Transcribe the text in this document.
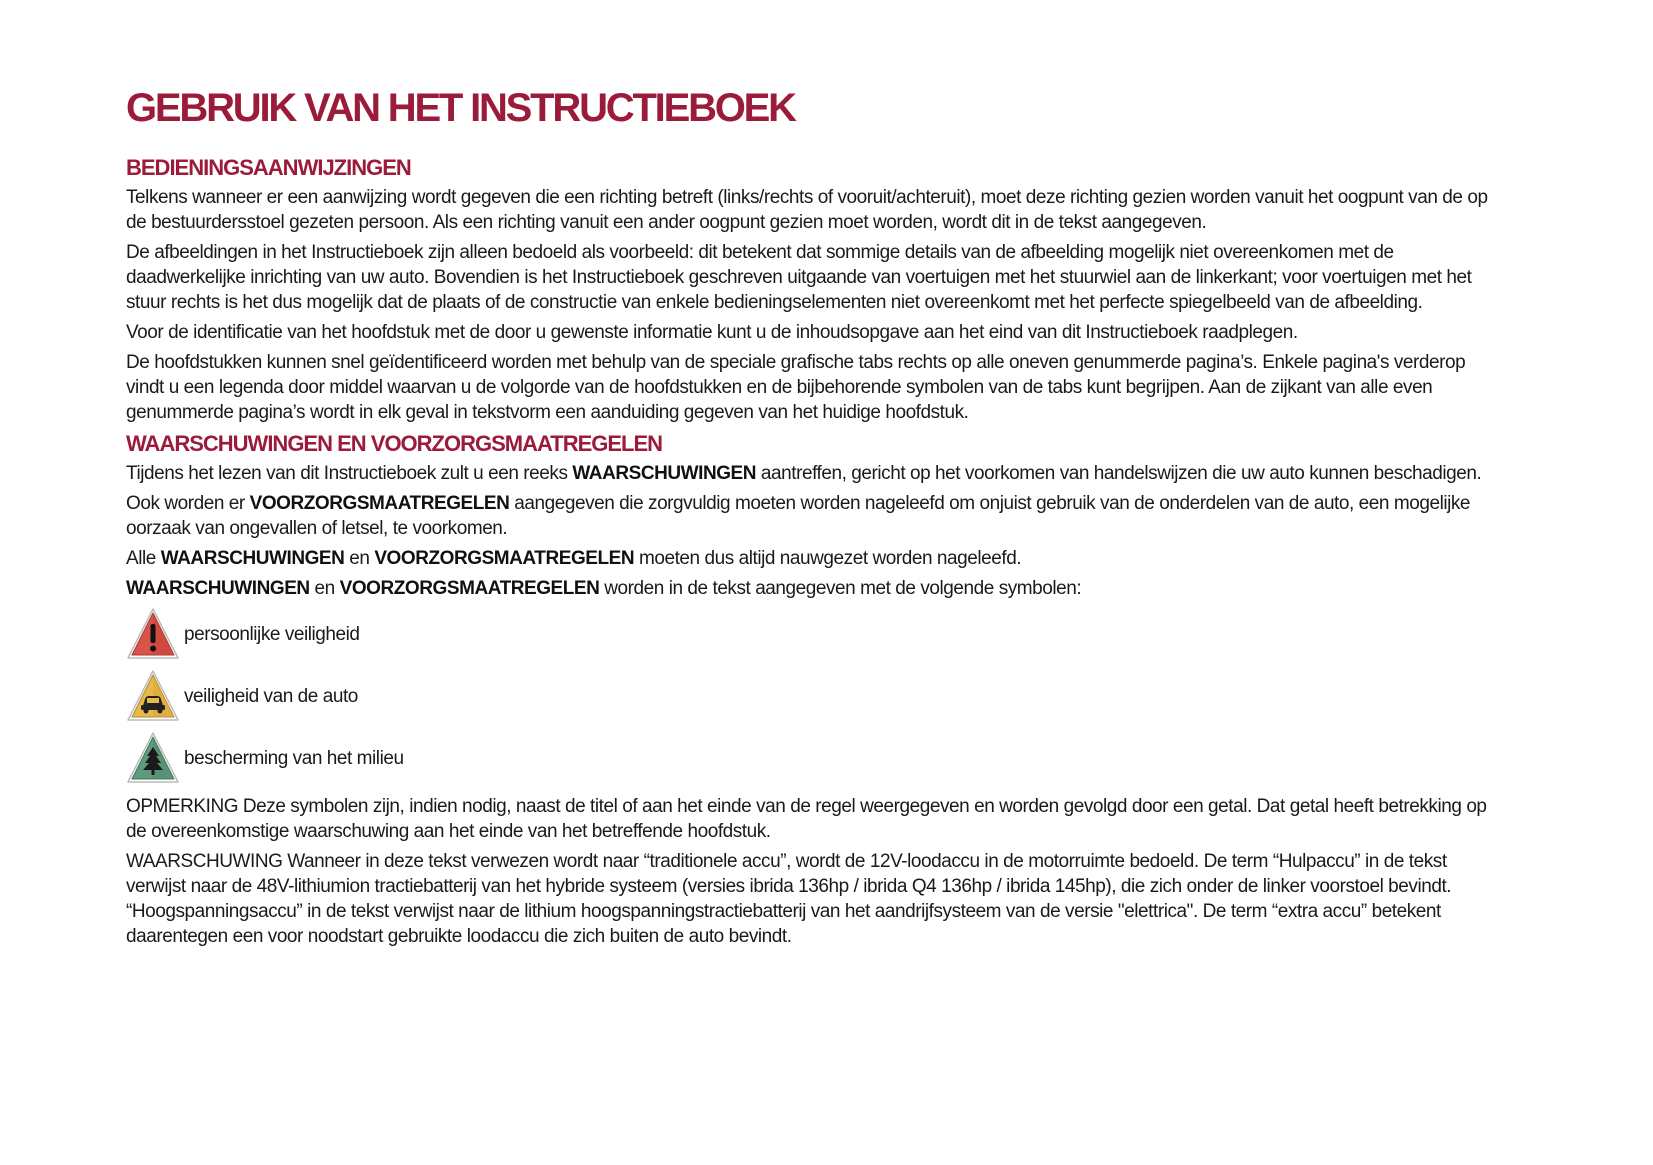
GEBRUIK VAN HET INSTRUCTIEBOEK
BEDIENINGSAANWIJZINGEN

Telkens wanneer er een aanwijzing wordt gegeven die een richting betreft (links/rechts of vooruit/achteruit), moet deze richting gezien worden vanuit het oogpunt van de op de bestuurdersstoel gezeten persoon. Als een richting vanuit een ander oogpunt gezien moet worden, wordt dit in de tekst aangegeven.

De afbeeldingen in het Instructieboek zijn alleen bedoeld als voorbeeld: dit betekent dat sommige details van de afbeelding mogelijk niet overeenkomen met de daadwerkelijke inrichting van uw auto. Bovendien is het Instructieboek geschreven uitgaande van voertuigen met het stuurwiel aan de linkerkant; voor voertuigen met het stuur rechts is het dus mogelijk dat de plaats of de constructie van enkele bedieningselementen niet overeenkomt met het perfecte spiegelbeeld van de afbeelding.

Voor de identificatie van het hoofdstuk met de door u gewenste informatie kunt u de inhoudsopgave aan het eind van dit Instructieboek raadplegen.

De hoofdstukken kunnen snel geïdentificeerd worden met behulp van de speciale grafische tabs rechts op alle oneven genummerde pagina’s. Enkele pagina's verderop vindt u een legenda door middel waarvan u de volgorde van de hoofdstukken en de bijbehorende symbolen van de tabs kunt begrijpen. Aan de zijkant van alle even genummerde pagina’s wordt in elk geval in tekstvorm een aanduiding gegeven van het huidige hoofdstuk.

WAARSCHUWINGEN EN VOORZORGSMAATREGELEN

Tijdens het lezen van dit Instructieboek zult u een reeks WAARSCHUWINGEN aantreffen, gericht op het voorkomen van handelswijzen die uw auto kunnen beschadigen.

Ook worden er VOORZORGSMAATREGELEN aangegeven die zorgvuldig moeten worden nageleefd om onjuist gebruik van de onderdelen van de auto, een mogelijke oorzaak van ongevallen of letsel, te voorkomen.

Alle WAARSCHUWINGEN en VOORZORGSMAATREGELEN moeten dus altijd nauwgezet worden nageleefd.

WAARSCHUWINGEN en VOORZORGSMAATREGELEN worden in de tekst aangegeven met de volgende symbolen:

persoonlijke veiligheid
veiligheid van de auto
bescherming van het milieu

OPMERKING Deze symbolen zijn, indien nodig, naast de titel of aan het einde van de regel weergegeven en worden gevolgd door een getal. Dat getal heeft betrekking op de overeenkomstige waarschuwing aan het einde van het betreffende hoofdstuk.

WAARSCHUWING Wanneer in deze tekst verwezen wordt naar “traditionele accu”, wordt de 12V-loodaccu in de motorruimte bedoeld. De term “Hulpaccu” in de tekst verwijst naar de 48V-lithiumion tractiebatterij van het hybride systeem (versies ibrida 136hp / ibrida Q4 136hp / ibrida 145hp), die zich onder de linker voorstoel bevindt. “Hoogspanningsaccu” in de tekst verwijst naar de lithium hoogspanningstractiebatterij van het aandrijfsysteem van de versie "elettrica". De term “extra accu” betekent daarentegen een voor noodstart gebruikte loodaccu die zich buiten de auto bevindt.
